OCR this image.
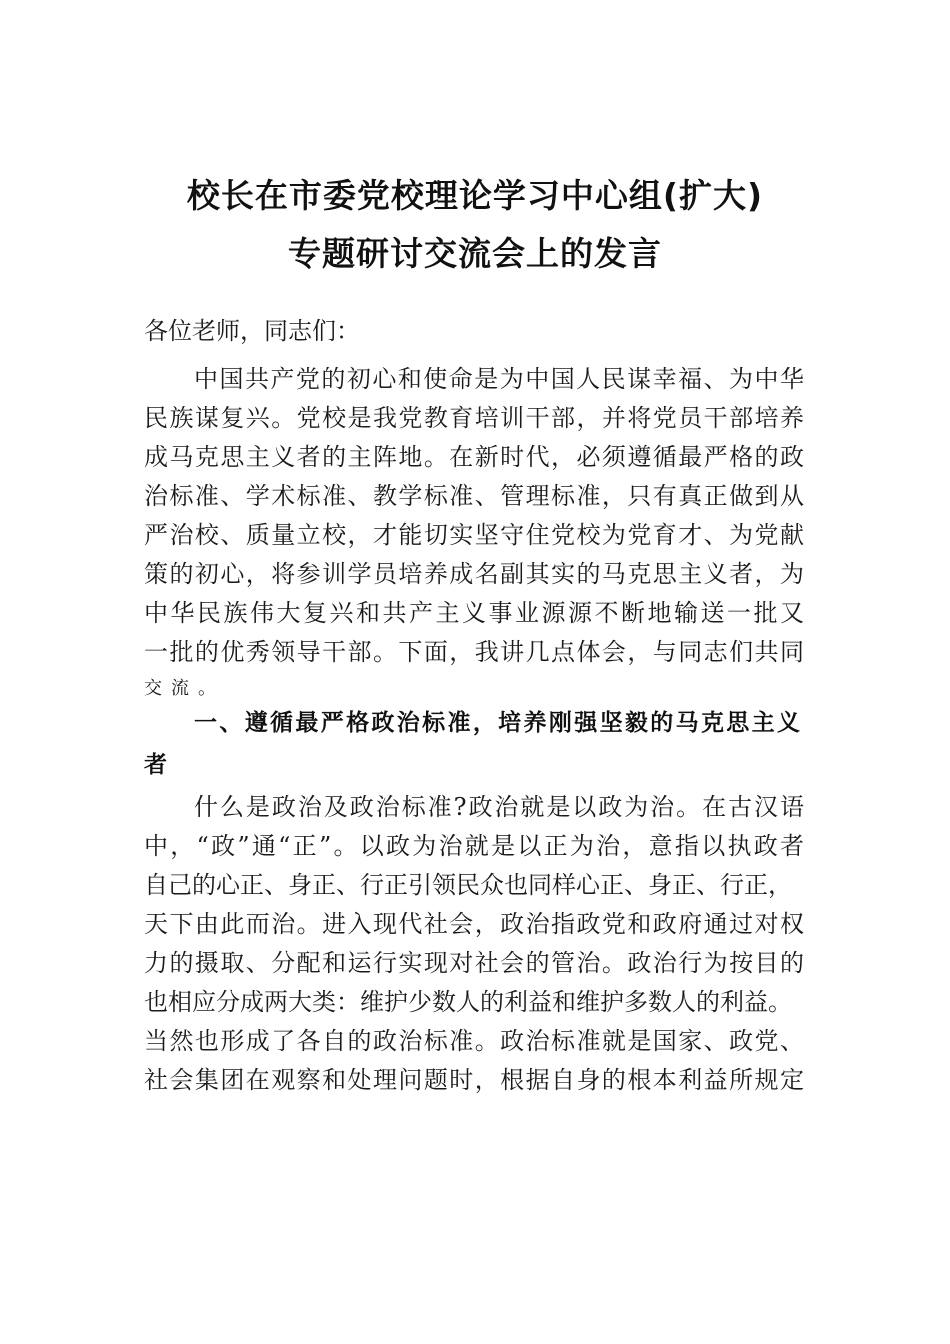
校长在市委党校理论学习中心组(扩大)
专题研讨交流会上的发言
各位老师，同志们：
中国共产党的初心和使命是为中国人民谋幸福、为中华
民族谋复兴。党校是我党教育培训干部，并将党员干部培养
成马克思主义者的主阵地。在新时代，必须遵循最严格的政
治标准、学术标准、教学标准、管理标准，只有真正做到从
严治校、质量立校，才能切实坚守住党校为党育才、为党献
策的初心，将参训学员培养成名副其实的马克思主义者，为
中华民族伟大复兴和共产主义事业源源不断地输送一批又
一批的优秀领导干部。下面，我讲几点体会，与同志们共同
交流。
一、遵循最严格政治标准，培养刚强坚毅的马克思主义
者
什么是政治及政治标准?政治就是以政为治。在古汉语
中，“政”通“正”。以政为治就是以正为治，意指以执政者
自己的心正、身正、行正引领民众也同样心正、身正、行正，
天下由此而治。进入现代社会，政治指政党和政府通过对权
力的摄取、分配和运行实现对社会的管治。政治行为按目的
也相应分成两大类：维护少数人的利益和维护多数人的利益。
当然也形成了各自的政治标准。政治标准就是国家、政党、
社会集团在观察和处理问题时，根据自身的根本利益所规定
